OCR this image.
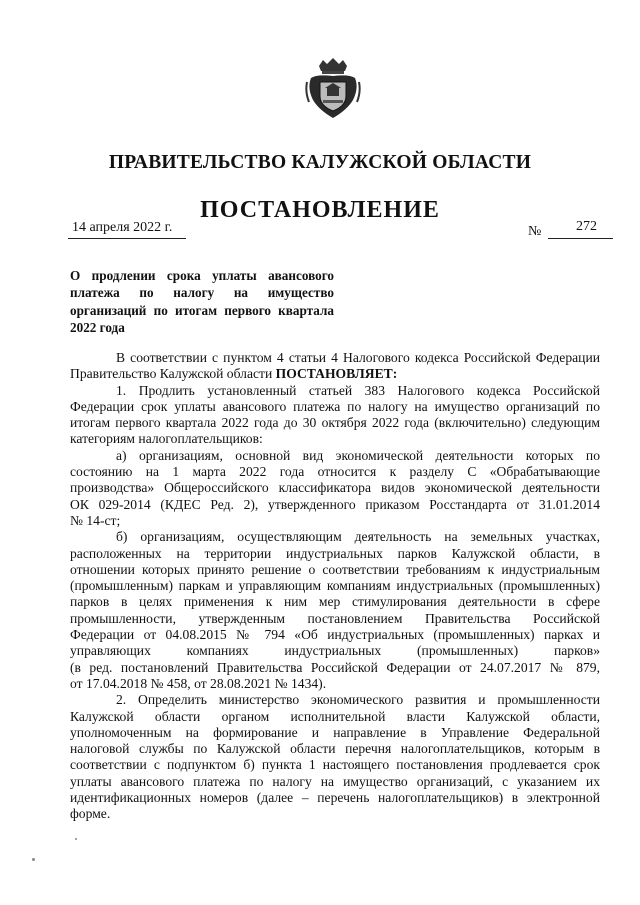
ПРАВИТЕЛЬСТВО КАЛУЖСКОЙ ОБЛАСТИ
ПОСТАНОВЛЕНИЕ
14 апреля 2022 г.	№ 272
О продлении срока уплаты авансового
платежа по налогу на имущество
организаций по итогам первого квартала
2022 года
В соответствии с пунктом 4 статьи 4 Налогового кодекса Российской Федерации
Правительство Калужской области ПОСТАНОВЛЯЕТ:
1. Продлить установленный статьей 383 Налогового кодекса Российской
Федерации срок уплаты авансового платежа по налогу на имущество организаций по
итогам первого квартала 2022 года до 30 октября 2022 года (включительно) следующим
категориям налогоплательщиков:
а) организациям, основной вид экономической деятельности которых по
состоянию на 1 марта 2022 года относится к разделу С «Обрабатывающие
производства» Общероссийского классификатора видов экономической деятельности
ОК 029-2014 (КДЕС Ред. 2), утвержденного приказом Росстандарта от 31.01.2014
№ 14-ст;
б) организациям, осуществляющим деятельность на земельных участках,
расположенных на территории индустриальных парков Калужской области, в
отношении которых принято решение о соответствии требованиям к индустриальным
(промышленным) паркам и управляющим компаниям индустриальных (промышленных)
парков в целях применения к ним мер стимулирования деятельности в сфере
промышленности, утвержденным постановлением Правительства Российской
Федерации от 04.08.2015 № 794 «Об индустриальных (промышленных) парках и
управляющих компаниях индустриальных (промышленных) парков»
(в ред. постановлений Правительства Российской Федерации от 24.07.2017 № 879,
от 17.04.2018 № 458, от 28.08.2021 № 1434).
2. Определить министерство экономического развития и промышленности
Калужской области органом исполнительной власти Калужской области,
уполномоченным на формирование и направление в Управление Федеральной
налоговой службы по Калужской области перечня налогоплательщиков, которым в
соответствии с подпунктом б) пункта 1 настоящего постановления продлевается срок
уплаты авансового платежа по налогу на имущество организаций, с указанием их
идентификационных номеров (далее – перечень налогоплательщиков) в электронной
форме.
